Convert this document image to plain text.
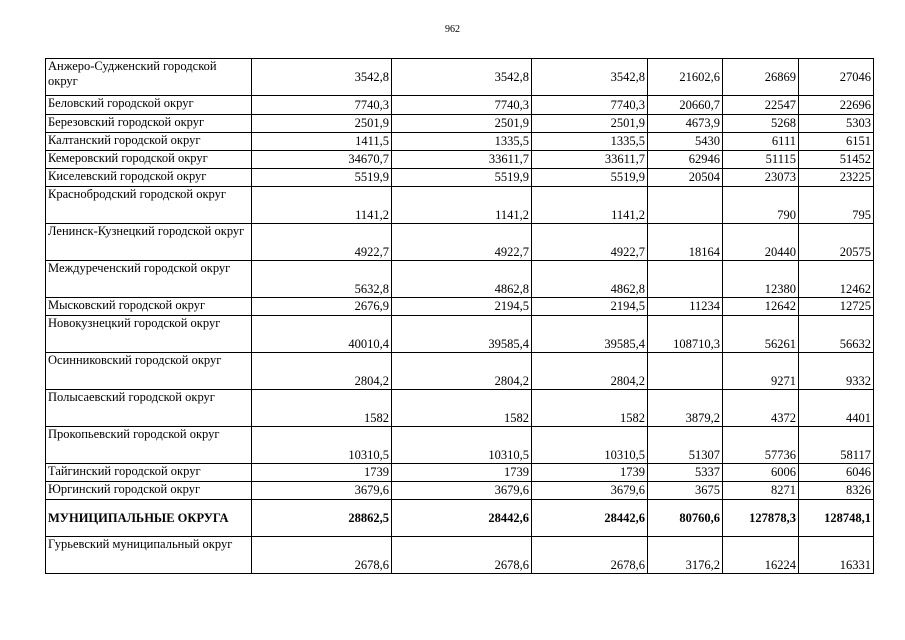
962
Анжеро-Судженский городской округ	3542,8	3542,8	3542,8	21602,6	26869	27046
Беловский городской округ	7740,3	7740,3	7740,3	20660,7	22547	22696
Березовский городской округ	2501,9	2501,9	2501,9	4673,9	5268	5303
Калтанский городской округ	1411,5	1335,5	1335,5	5430	6111	6151
Кемеровский городской округ	34670,7	33611,7	33611,7	62946	51115	51452
Киселевский городской округ	5519,9	5519,9	5519,9	20504	23073	23225
Краснобродский городской округ	1141,2	1141,2	1141,2		790	795
Ленинск-Кузнецкий городской округ	4922,7	4922,7	4922,7	18164	20440	20575
Междуреченский городской округ	5632,8	4862,8	4862,8		12380	12462
Мысковский городской округ	2676,9	2194,5	2194,5	11234	12642	12725
Новокузнецкий городской округ	40010,4	39585,4	39585,4	108710,3	56261	56632
Осинниковский городской округ	2804,2	2804,2	2804,2		9271	9332
Полысаевский городской округ	1582	1582	1582	3879,2	4372	4401
Прокопьевский городской округ	10310,5	10310,5	10310,5	51307	57736	58117
Тайгинский городской округ	1739	1739	1739	5337	6006	6046
Юргинский городской округ	3679,6	3679,6	3679,6	3675	8271	8326
МУНИЦИПАЛЬНЫЕ ОКРУГА	28862,5	28442,6	28442,6	80760,6	127878,3	128748,1
Гурьевский муниципальный округ	2678,6	2678,6	2678,6	3176,2	16224	16331
